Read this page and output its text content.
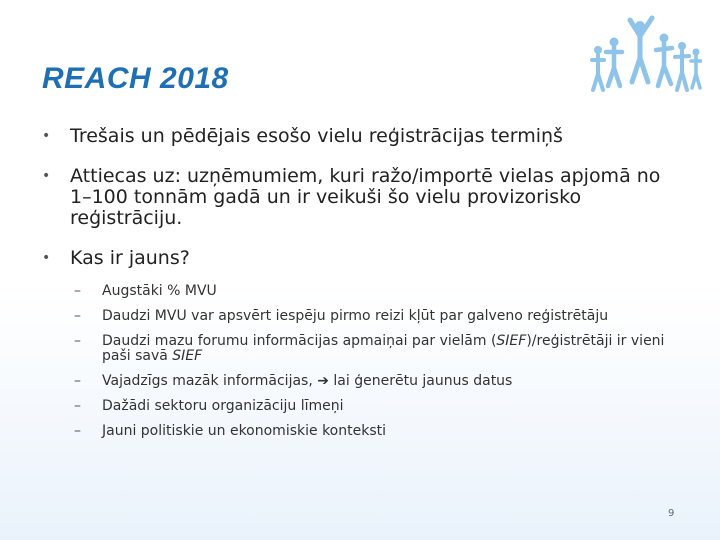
REACH 2018
• Trešais un pēdējais esošo vielu reģistrācijas termiņš
• Attiecas uz: uzņēmumiem, kuri ražo/importē vielas apjomā no 1–100 tonnām gadā un ir veikuši šo vielu provizorisko reģistrāciju.
• Kas ir jauns?
– Augstāki % MVU
– Daudzi MVU var apsvērt iespēju pirmo reizi kļūt par galveno reģistrētāju
– Daudzi mazu forumu informācijas apmaiņai par vielām (SIEF)/reģistrētāji ir vieni paši savā SIEF
– Vajadzīgs mazāk informācijas, ➔ lai ģenerētu jaunus datus
– Dažādi sektoru organizāciju līmeņi
– Jauni politiskie un ekonomiskie konteksti
9
